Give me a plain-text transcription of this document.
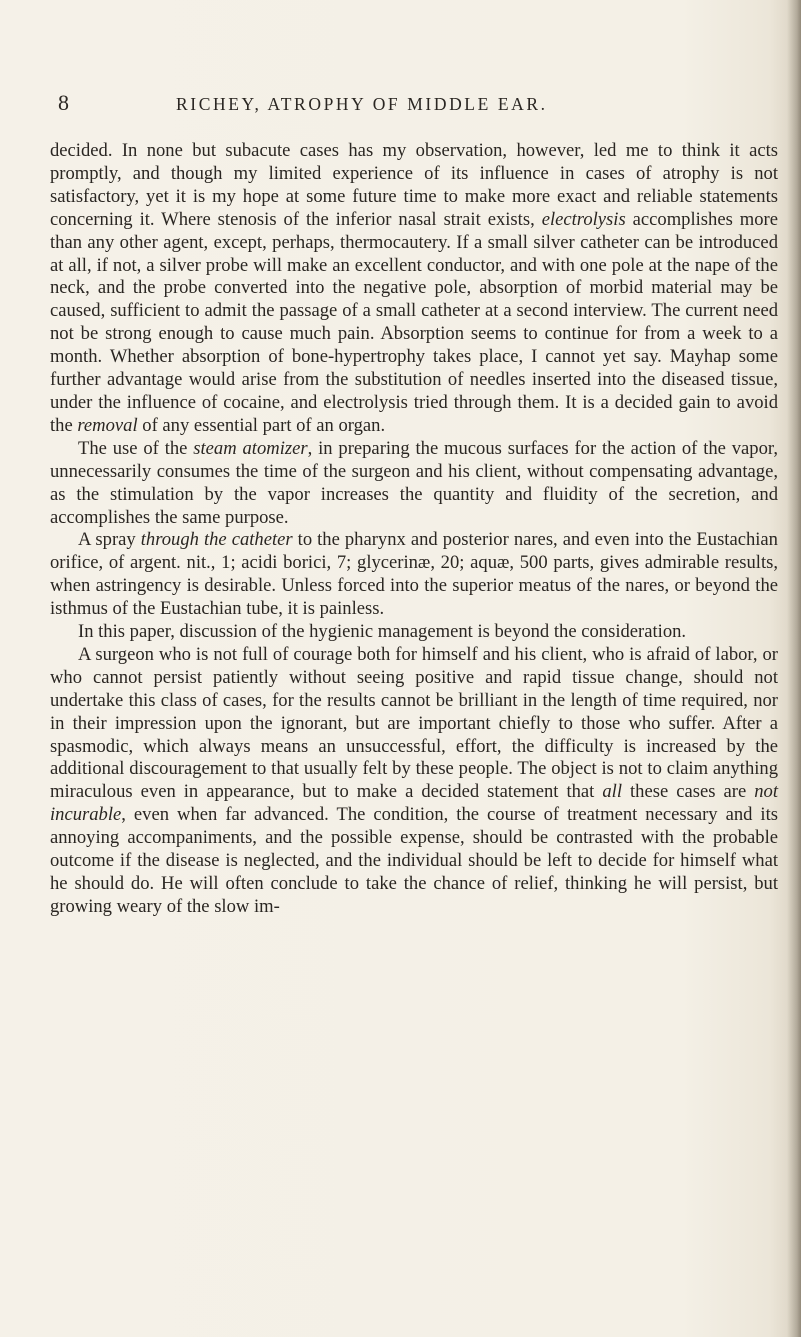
8	RICHEY, ATROPHY OF MIDDLE EAR.

decided. In none but subacute cases has my observation, however, led me to think it acts promptly, and though my limited experience of its influence in cases of atrophy is not satisfactory, yet it is my hope at some future time to make more exact and reliable statements concerning it. Where stenosis of the inferior nasal strait exists, electrolysis accomplishes more than any other agent, except, perhaps, thermocautery. If a small silver catheter can be introduced at all, if not, a silver probe will make an excellent conductor, and with one pole at the nape of the neck, and the probe converted into the negative pole, absorption of morbid material may be caused, sufficient to admit the passage of a small catheter at a second interview. The current need not be strong enough to cause much pain. Absorption seems to continue for from a week to a month. Whether absorption of bone-hypertrophy takes place, I cannot yet say. Mayhap some further advantage would arise from the substitution of needles inserted into the diseased tissue, under the influence of cocaine, and electrolysis tried through them. It is a decided gain to avoid the removal of any essential part of an organ.

The use of the steam atomizer, in preparing the mucous surfaces for the action of the vapor, unnecessarily consumes the time of the surgeon and his client, without compensating advantage, as the stimulation by the vapor increases the quantity and fluidity of the secretion, and accomplishes the same purpose.

A spray through the catheter to the pharynx and posterior nares, and even into the Eustachian orifice, of argent. nit., 1; acidi borici, 7; glycerinæ, 20; aquæ, 500 parts, gives admirable results, when astringency is desirable. Unless forced into the superior meatus of the nares, or beyond the isthmus of the Eustachian tube, it is painless.

In this paper, discussion of the hygienic management is beyond the consideration.

A surgeon who is not full of courage both for himself and his client, who is afraid of labor, or who cannot persist patiently without seeing positive and rapid tissue change, should not undertake this class of cases, for the results cannot be brilliant in the length of time required, nor in their impression upon the ignorant, but are important chiefly to those who suffer. After a spasmodic, which always means an unsuccessful, effort, the difficulty is increased by the additional discouragement to that usually felt by these people. The object is not to claim anything miraculous even in appearance, but to make a decided statement that all these cases are not incurable, even when far advanced. The condition, the course of treatment necessary and its annoying accompaniments, and the possible expense, should be contrasted with the probable outcome if the disease is neglected, and the individual should be left to decide for himself what he should do. He will often conclude to take the chance of relief, thinking he will persist, but growing weary of the slow im-
